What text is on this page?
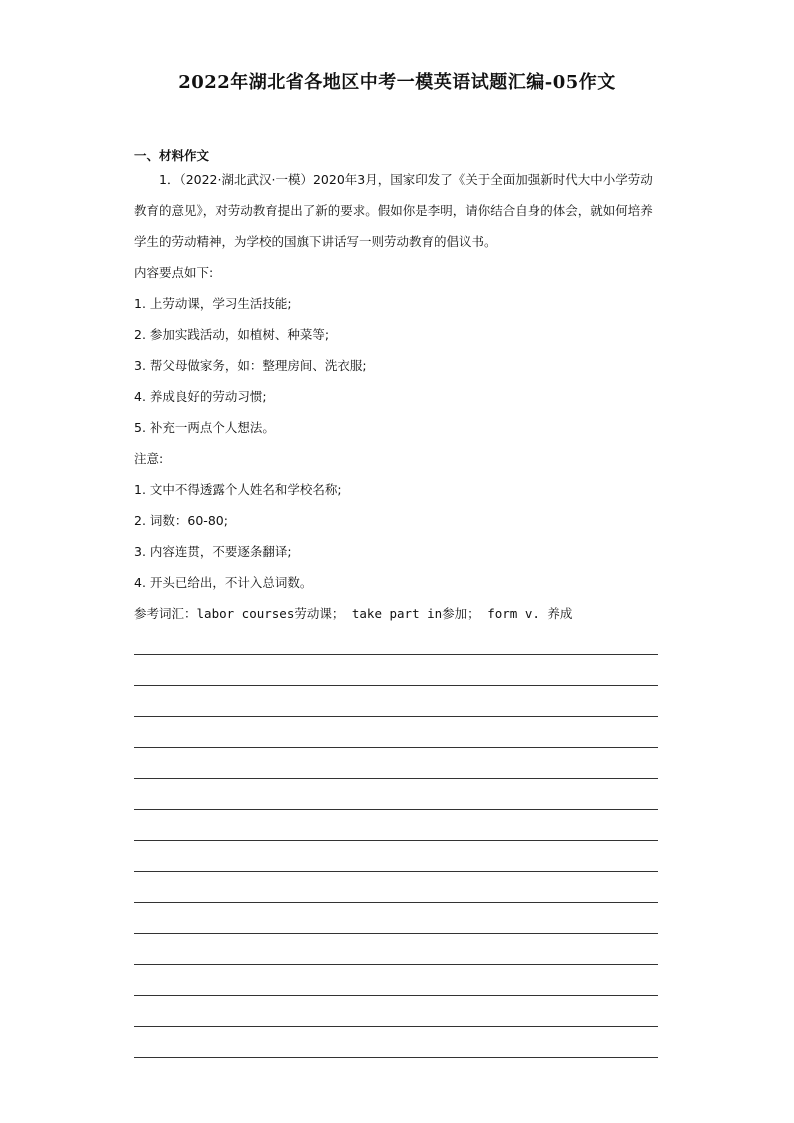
2022年湖北省各地区中考一模英语试题汇编-05作文
一、材料作文

1．（2022·湖北武汉·一模）2020年3月，国家印发了《关于全面加强新时代大中小学劳动教育的意见》，对劳动教育提出了新的要求。假如你是李明，请你结合自身的体会，就如何培养学生的劳动精神，为学校的国旗下讲话写一则劳动教育的倡议书。

内容要点如下:

1. 上劳动课，学习生活技能;

2. 参加实践活动，如植树、种菜等;

3. 帮父母做家务，如：整理房间、洗衣服;

4. 养成良好的劳动习惯;

5. 补充一两点个人想法。

注意:

1. 文中不得透露个人姓名和学校名称;

2. 词数：60-80;

3. 内容连贯，不要逐条翻译;

4. 开头已给出，不计入总词数。

参考词汇：labor courses劳动课； take part in参加； form v. 养成
